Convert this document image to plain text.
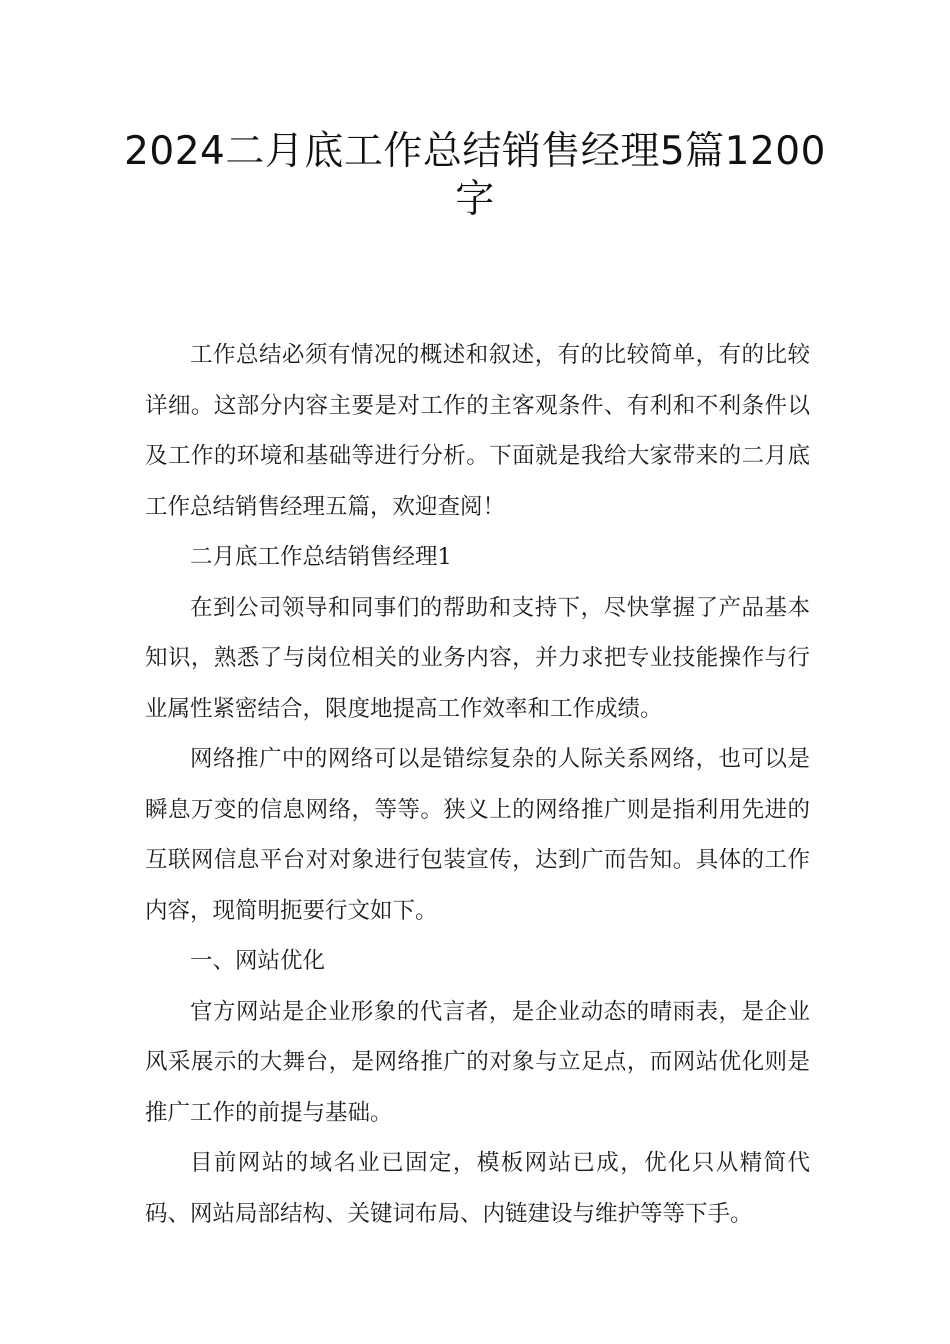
2024二月底工作总结销售经理5篇1200字

工作总结必须有情况的概述和叙述，有的比较简单，有的比较详细。这部分内容主要是对工作的主客观条件、有利和不利条件以及工作的环境和基础等进行分析。下面就是我给大家带来的二月底工作总结销售经理五篇，欢迎查阅！

二月底工作总结销售经理1

在到公司领导和同事们的帮助和支持下，尽快掌握了产品基本知识，熟悉了与岗位相关的业务内容，并力求把专业技能操作与行业属性紧密结合，限度地提高工作效率和工作成绩。

网络推广中的网络可以是错综复杂的人际关系网络，也可以是瞬息万变的信息网络，等等。狭义上的网络推广则是指利用先进的互联网信息平台对对象进行包装宣传，达到广而告知。具体的工作内容，现简明扼要行文如下。

一、网站优化

官方网站是企业形象的代言者，是企业动态的晴雨表，是企业风采展示的大舞台，是网络推广的对象与立足点，而网站优化则是推广工作的前提与基础。

目前网站的域名业已固定，模板网站已成，优化只从精简代码、网站局部结构、关键词布局、内链建设与维护等等下手。
